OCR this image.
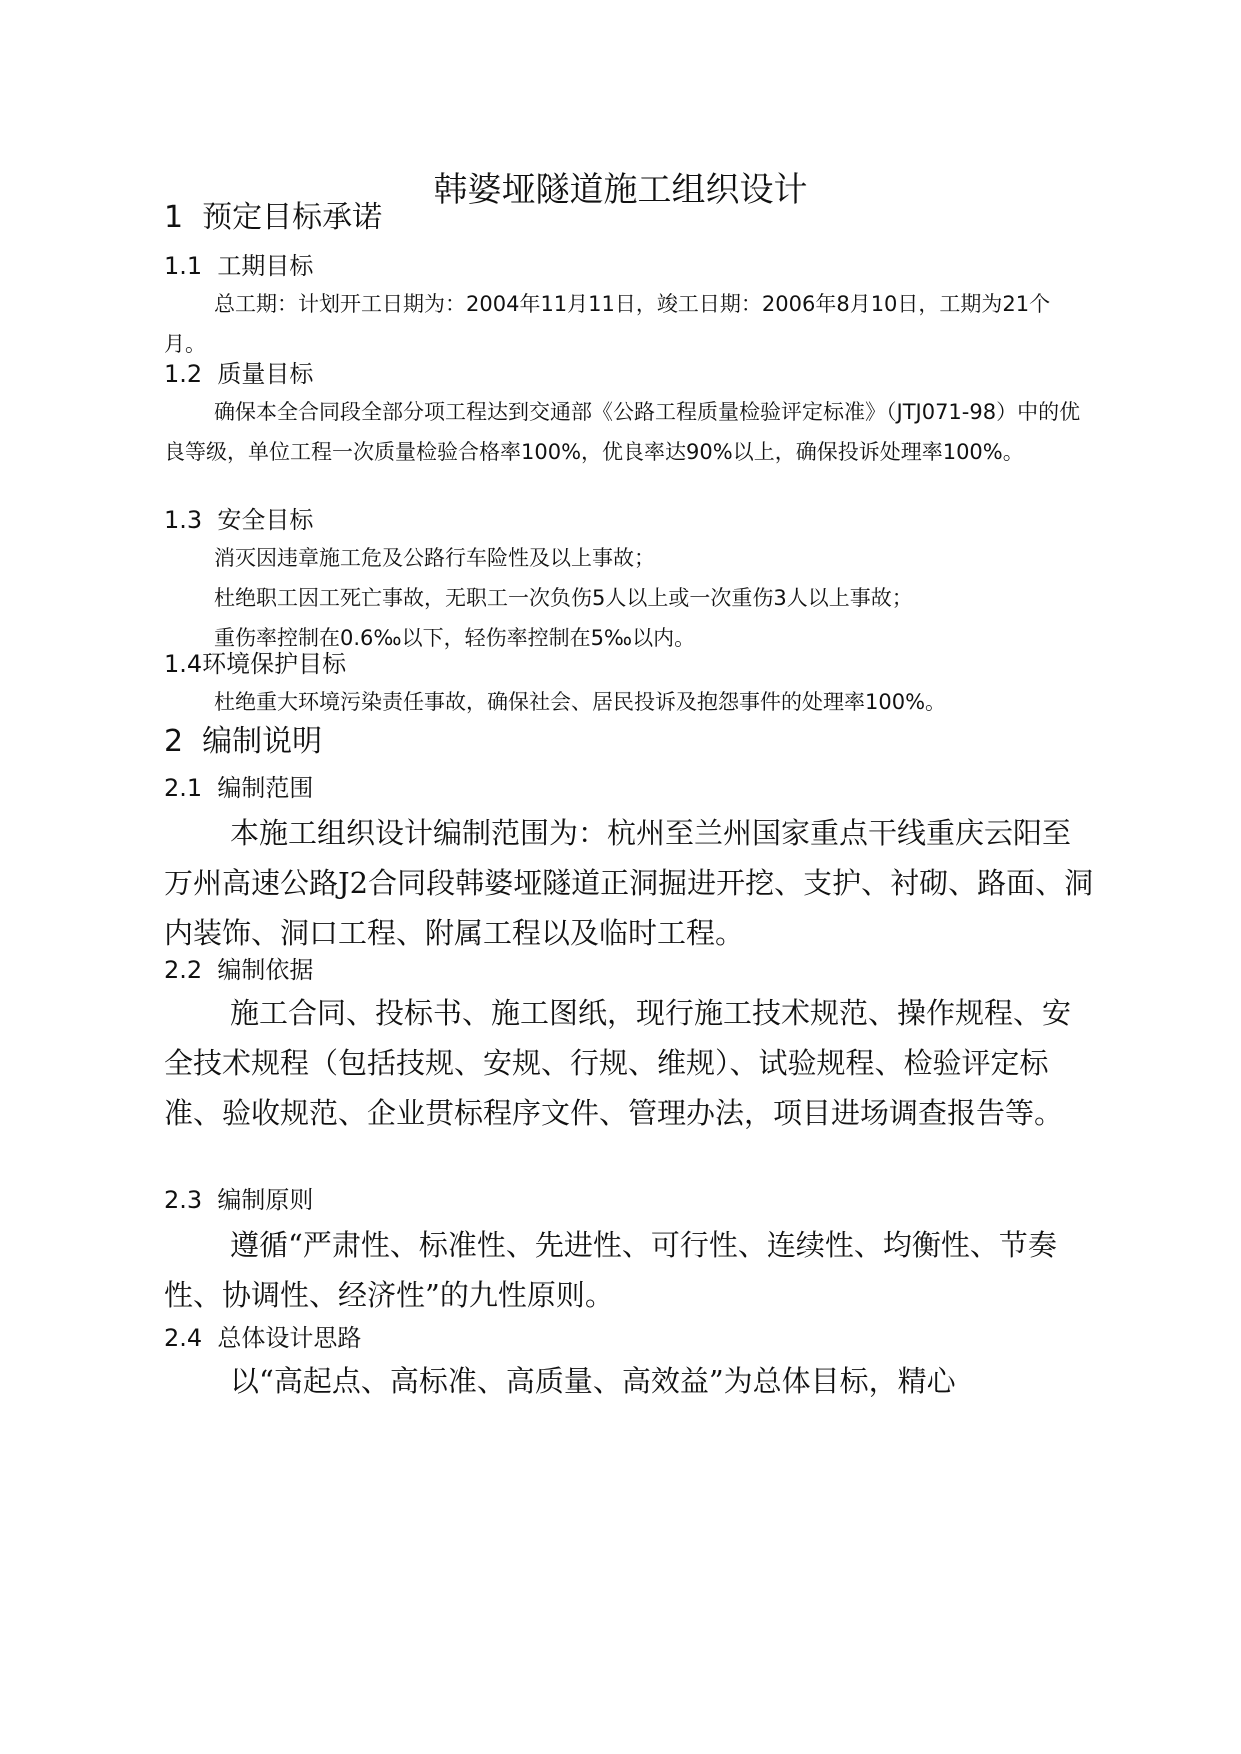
韩婆垭隧道施工组织设计
1  预定目标承诺
1.1  工期目标
总工期：计划开工日期为：2004年11月11日，竣工日期：2006年8月10日，工期为21个月。
1.2  质量目标
确保本全合同段全部分项工程达到交通部《公路工程质量检验评定标准》（JTJ071-98）中的优良等级，单位工程一次质量检验合格率100%，优良率达90%以上，确保投诉处理率100%。
1.3  安全目标
消灭因违章施工危及公路行车险性及以上事故；
杜绝职工因工死亡事故，无职工一次负伤5人以上或一次重伤3人以上事故；
重伤率控制在0.6‰以下，轻伤率控制在5‰以内。
1.4环境保护目标
杜绝重大环境污染责任事故，确保社会、居民投诉及抱怨事件的处理率100%。
2  编制说明
2.1  编制范围
本施工组织设计编制范围为：杭州至兰州国家重点干线重庆云阳至万州高速公路J2合同段韩婆垭隧道正洞掘进开挖、支护、衬砌、路面、洞内装饰、洞口工程、附属工程以及临时工程。
2.2  编制依据
施工合同、投标书、施工图纸，现行施工技术规范、操作规程、安全技术规程（包括技规、安规、行规、维规）、试验规程、检验评定标准、验收规范、企业贯标程序文件、管理办法，项目进场调查报告等。
2.3  编制原则
遵循“严肃性、标准性、先进性、可行性、连续性、均衡性、节奏性、协调性、经济性”的九性原则。
2.4  总体设计思路
以“高起点、高标准、高质量、高效益”为总体目标，精心
